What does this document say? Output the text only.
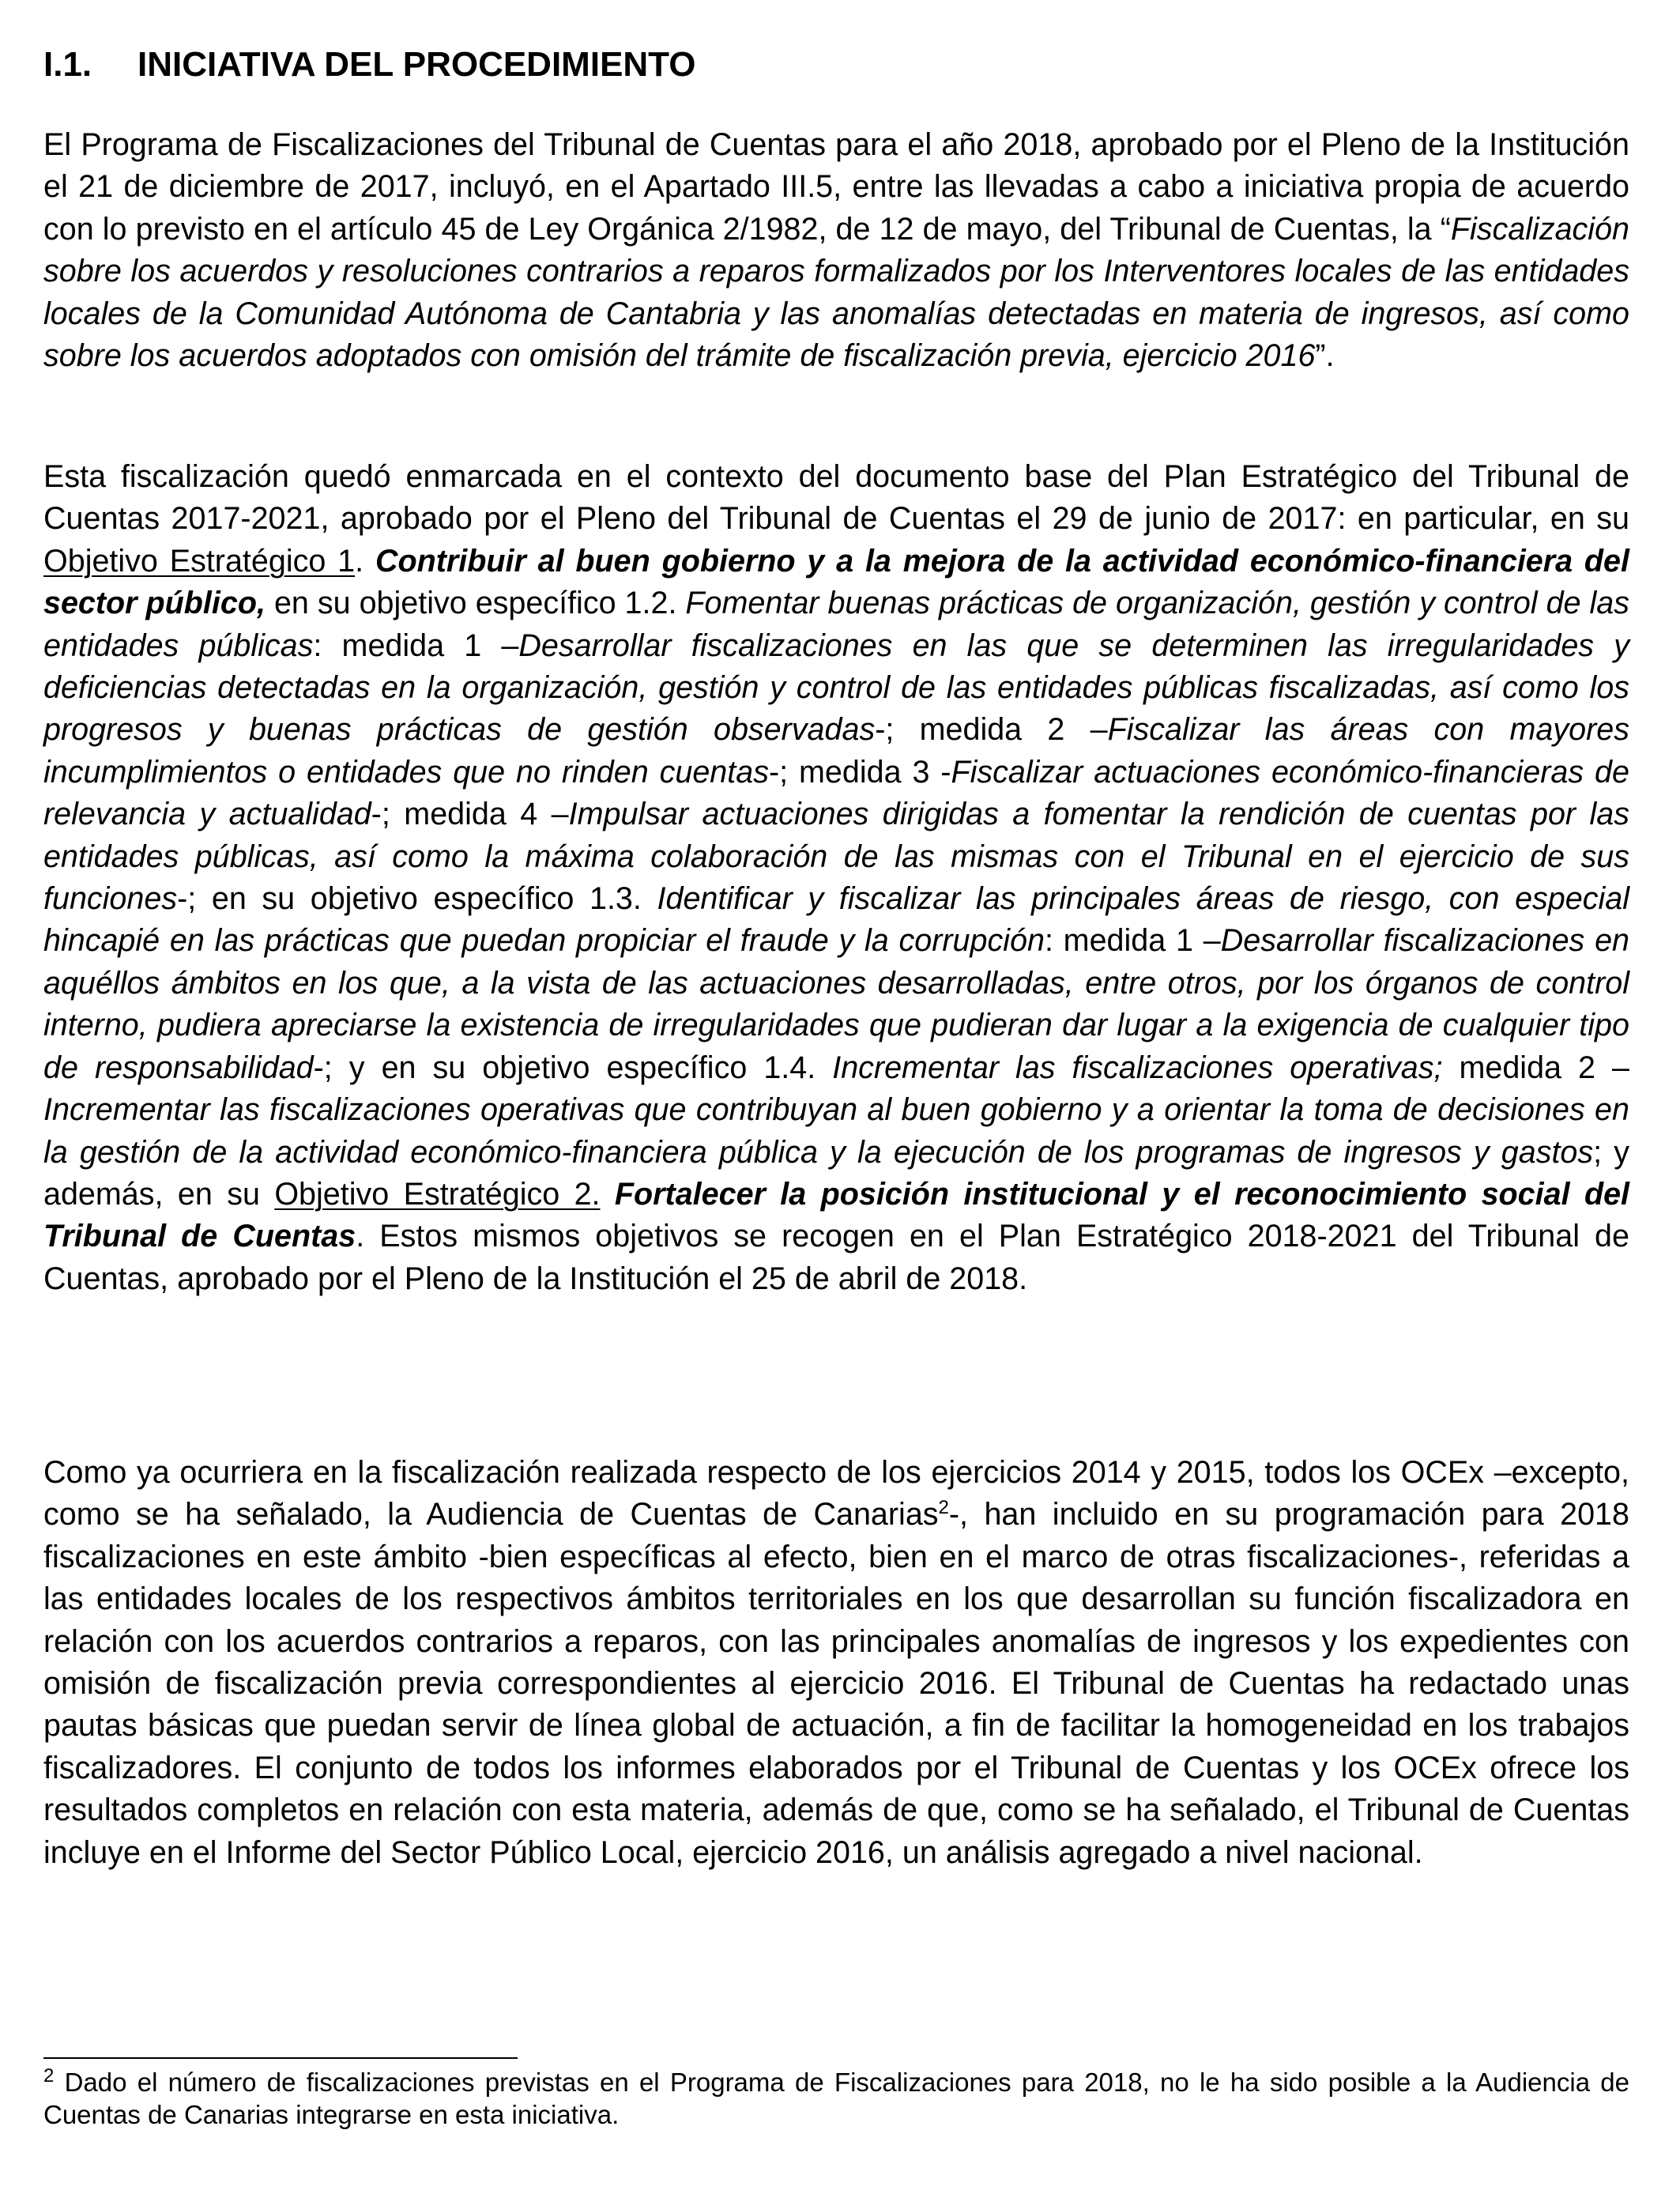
I.1. INICIATIVA DEL PROCEDIMIENTO

El Programa de Fiscalizaciones del Tribunal de Cuentas para el año 2018, aprobado por el Pleno de la Institución el 21 de diciembre de 2017, incluyó, en el Apartado III.5, entre las llevadas a cabo a iniciativa propia de acuerdo con lo previsto en el artículo 45 de Ley Orgánica 2/1982, de 12 de mayo, del Tribunal de Cuentas, la “Fiscalización sobre los acuerdos y resoluciones contrarios a reparos formalizados por los Interventores locales de las entidades locales de la Comunidad Autónoma de Cantabria y las anomalías detectadas en materia de ingresos, así como sobre los acuerdos adoptados con omisión del trámite de fiscalización previa, ejercicio 2016”.

Esta fiscalización quedó enmarcada en el contexto del documento base del Plan Estratégico del Tribunal de Cuentas 2017-2021, aprobado por el Pleno del Tribunal de Cuentas el 29 de junio de 2017: en particular, en su Objetivo Estratégico 1. Contribuir al buen gobierno y a la mejora de la actividad económico-financiera del sector público, en su objetivo específico 1.2. Fomentar buenas prácticas de organización, gestión y control de las entidades públicas: medida 1 –Desarrollar fiscalizaciones en las que se determinen las irregularidades y deficiencias detectadas en la organización, gestión y control de las entidades públicas fiscalizadas, así como los progresos y buenas prácticas de gestión observadas-; medida 2 –Fiscalizar las áreas con mayores incumplimientos o entidades que no rinden cuentas-; medida 3 -Fiscalizar actuaciones económico-financieras de relevancia y actualidad-; medida 4 –Impulsar actuaciones dirigidas a fomentar la rendición de cuentas por las entidades públicas, así como la máxima colaboración de las mismas con el Tribunal en el ejercicio de sus funciones-; en su objetivo específico 1.3. Identificar y fiscalizar las principales áreas de riesgo, con especial hincapié en las prácticas que puedan propiciar el fraude y la corrupción: medida 1 –Desarrollar fiscalizaciones en aquéllos ámbitos en los que, a la vista de las actuaciones desarrolladas, entre otros, por los órganos de control interno, pudiera apreciarse la existencia de irregularidades que pudieran dar lugar a la exigencia de cualquier tipo de responsabilidad-; y en su objetivo específico 1.4. Incrementar las fiscalizaciones operativas; medida 2 –Incrementar las fiscalizaciones operativas que contribuyan al buen gobierno y a orientar la toma de decisiones en la gestión de la actividad económico-financiera pública y la ejecución de los programas de ingresos y gastos; y además, en su Objetivo Estratégico 2. Fortalecer la posición institucional y el reconocimiento social del Tribunal de Cuentas. Estos mismos objetivos se recogen en el Plan Estratégico 2018-2021 del Tribunal de Cuentas, aprobado por el Pleno de la Institución el 25 de abril de 2018.

Como ya ocurriera en la fiscalización realizada respecto de los ejercicios 2014 y 2015, todos los OCEx –excepto, como se ha señalado, la Audiencia de Cuentas de Canarias$^2$-, han incluido en su programación para 2018 fiscalizaciones en este ámbito -bien específicas al efecto, bien en el marco de otras fiscalizaciones-, referidas a las entidades locales de los respectivos ámbitos territoriales en los que desarrollan su función fiscalizadora en relación con los acuerdos contrarios a reparos, con las principales anomalías de ingresos y los expedientes con omisión de fiscalización previa correspondientes al ejercicio 2016. El Tribunal de Cuentas ha redactado unas pautas básicas que puedan servir de línea global de actuación, a fin de facilitar la homogeneidad en los trabajos fiscalizadores. El conjunto de todos los informes elaborados por el Tribunal de Cuentas y los OCEx ofrece los resultados completos en relación con esta materia, además de que, como se ha señalado, el Tribunal de Cuentas incluye en el Informe del Sector Público Local, ejercicio 2016, un análisis agregado a nivel nacional.

$^2$ Dado el número de fiscalizaciones previstas en el Programa de Fiscalizaciones para 2018, no le ha sido posible a la Audiencia de Cuentas de Canarias integrarse en esta iniciativa.
